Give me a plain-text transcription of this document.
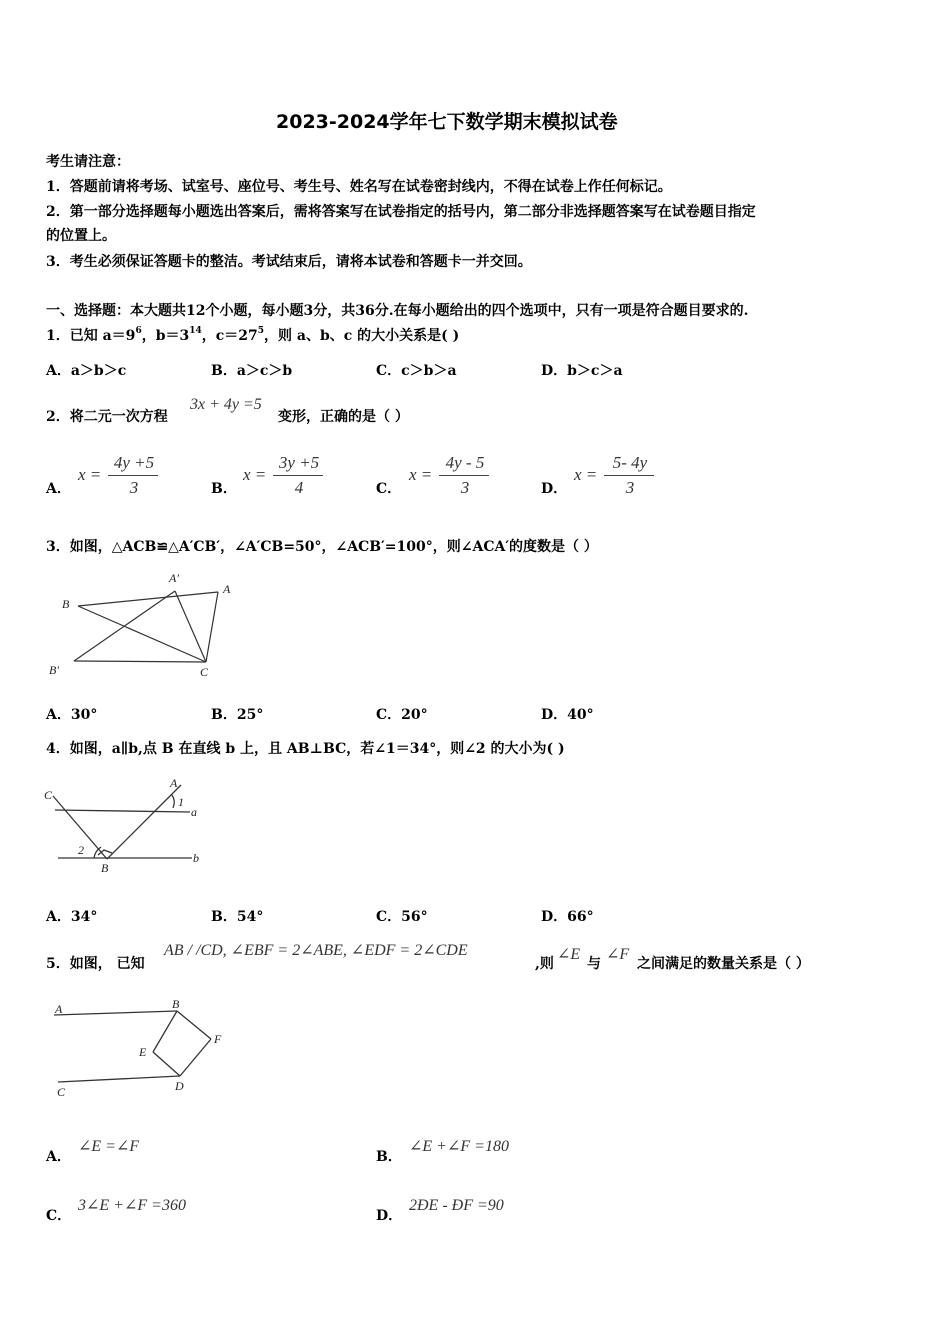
2023-2024学年七下数学期末模拟试卷
考生请注意：
1．答题前请将考场、试室号、座位号、考生号、姓名写在试卷密封线内，不得在试卷上作任何标记。
2．第一部分选择题每小题选出答案后，需将答案写在试卷指定的括号内，第二部分非选择题答案写在试卷题目指定
的位置上。
3．考生必须保证答题卡的整洁。考试结束后，请将本试卷和答题卡一并交回。
一、选择题：本大题共12个小题，每小题3分，共36分.在每小题给出的四个选项中，只有一项是符合题目要求的.
1．已知 $a=9^6$，$b=3^{14}$，$c=27^5$，则 a、b、c 的大小关系是( )
A．a＞b＞c	B．a＞c＞b	C．c＞b＞a	D．b＞c＞a
2．将二元一次方程
3x + 4y =5
变形，正确的是（ ）
A．
x =
4y +5
3	B．
x =
3y +5
4	C．
x =
4y - 5
3	D．
x =
5- 4y
3
3．如图，△ACB≌△A′CB′，∠A′CB=50°，∠ACB′=100°，则∠ACA′的度数是（ ）
B
A′
A
B′	C
A．30°	B．25°	C．20°	D．40°
4．如图，a∥b,点 B 在直线 b 上，且 AB⊥BC，若∠1＝34°，则∠2 的大小为( )
C
A
1
a
2
B
b
A．34°	B．54°	C．56°	D．66°
5．如图， 已知
AB / /CD, ∠EBF = 2∠ABE, ∠EDF = 2∠CDE
,则
∠E
与
∠F
之间满足的数量关系是（ ）
A	B
F
E
D
C
A．
∠E =∠F
B．
∠E +∠F =180
C．
3∠E +∠F =360
D．
2ÐE - ÐF =90
